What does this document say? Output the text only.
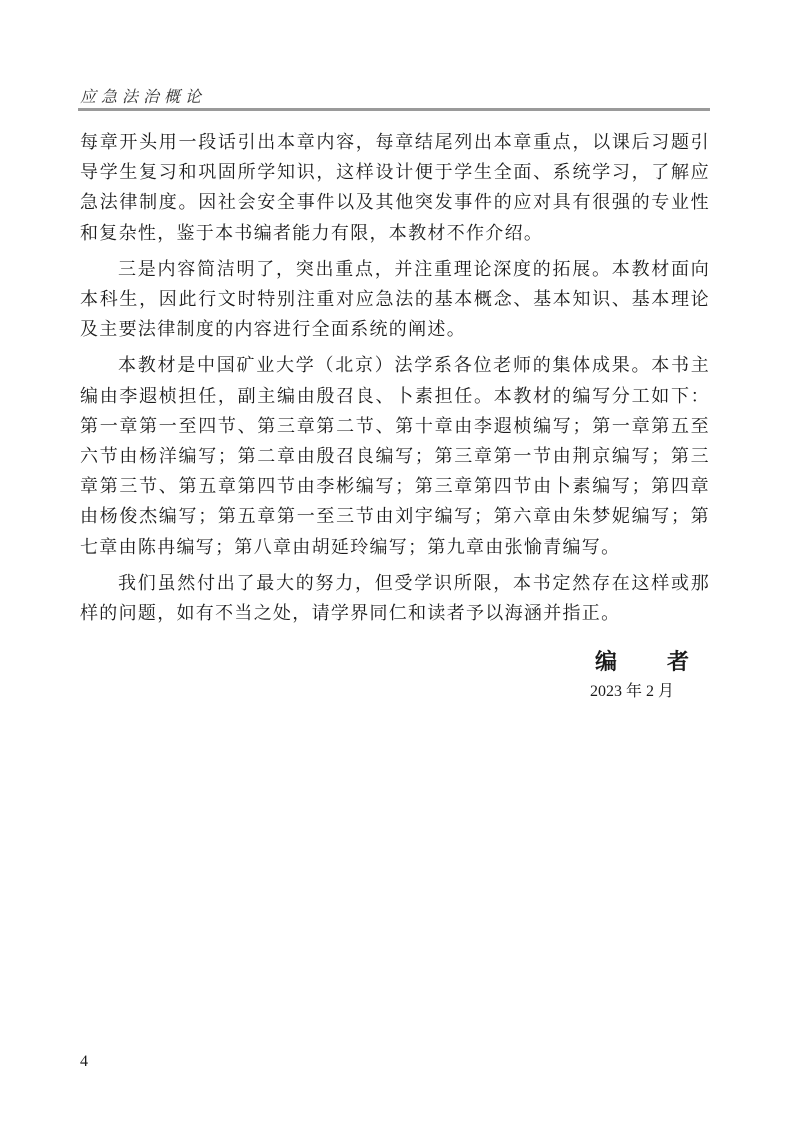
应急法治概论

每章开头用一段话引出本章内容，每章结尾列出本章重点，以课后习题引导学生复习和巩固所学知识，这样设计便于学生全面、系统学习，了解应急法律制度。因社会安全事件以及其他突发事件的应对具有很强的专业性和复杂性，鉴于本书编者能力有限，本教材不作介绍。

三是内容简洁明了，突出重点，并注重理论深度的拓展。本教材面向本科生，因此行文时特别注重对应急法的基本概念、基本知识、基本理论及主要法律制度的内容进行全面系统的阐述。

本教材是中国矿业大学（北京）法学系各位老师的集体成果。本书主编由李遐桢担任，副主编由殷召良、卜素担任。本教材的编写分工如下：第一章第一至四节、第三章第二节、第十章由李遐桢编写；第一章第五至六节由杨洋编写；第二章由殷召良编写；第三章第一节由荆京编写；第三章第三节、第五章第四节由李彬编写；第三章第四节由卜素编写；第四章由杨俊杰编写；第五章第一至三节由刘宇编写；第六章由朱梦妮编写；第七章由陈冉编写；第八章由胡延玲编写；第九章由张愉青编写。

我们虽然付出了最大的努力，但受学识所限，本书定然存在这样或那样的问题，如有不当之处，请学界同仁和读者予以海涵并指正。

编　者
2023 年 2 月
4
